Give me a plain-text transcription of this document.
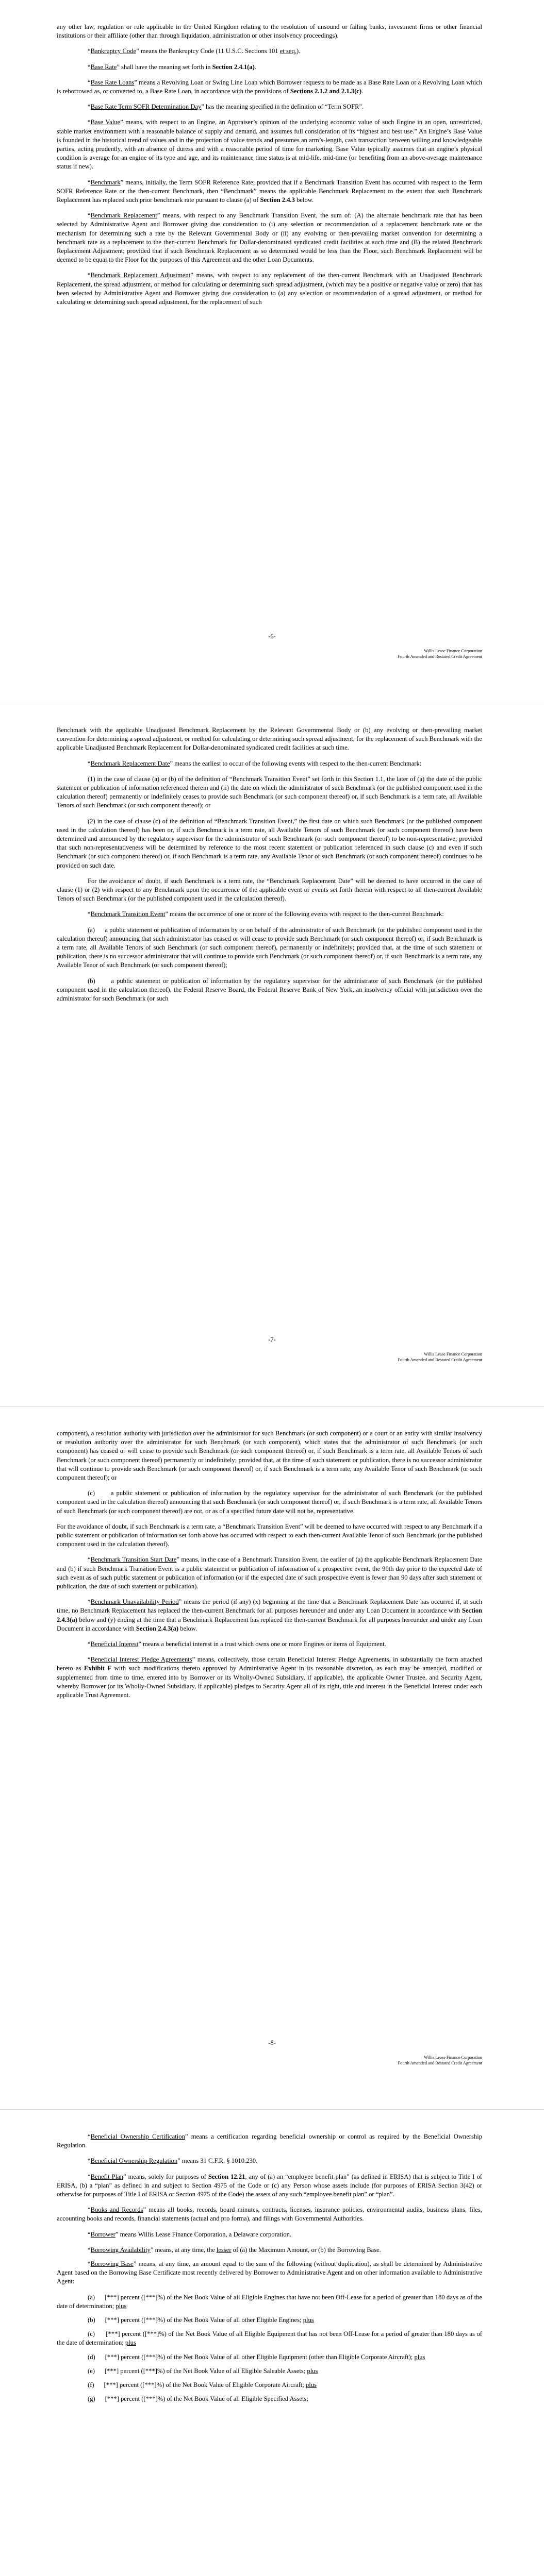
any other law, regulation or rule applicable in the United Kingdom relating to the resolution of unsound or failing banks, investment firms or other financial institutions or their affiliate (other than through liquidation, administration or other insolvency proceedings).

“Bankruptcy Code” means the Bankruptcy Code (11 U.S.C. Sections 101 et seq.).

“Base Rate” shall have the meaning set forth in Section 2.4.1(a).

“Base Rate Loans” means a Revolving Loan or Swing Line Loan which Borrower requests to be made as a Base Rate Loan or a Revolving Loan which is reborrowed as, or converted to, a Base Rate Loan, in accordance with the provisions of Sections 2.1.2 and 2.1.3(c).

“Base Rate Term SOFR Determination Day” has the meaning specified in the definition of “Term SOFR”.

“Base Value” means, with respect to an Engine, an Appraiser’s opinion of the underlying economic value of such Engine in an open, unrestricted, stable market environment with a reasonable balance of supply and demand, and assumes full consideration of its “highest and best use.” An Engine’s Base Value is founded in the historical trend of values and in the projection of value trends and presumes an arm’s-length, cash transaction between willing and knowledgeable parties, acting prudently, with an absence of duress and with a reasonable period of time for marketing. Base Value typically assumes that an engine’s physical condition is average for an engine of its type and age, and its maintenance time status is at mid-life, mid-time (or benefiting from an above-average maintenance status if new).

“Benchmark” means, initially, the Term SOFR Reference Rate; provided that if a Benchmark Transition Event has occurred with respect to the Term SOFR Reference Rate or the then-current Benchmark, then “Benchmark” means the applicable Benchmark Replacement to the extent that such Benchmark Replacement has replaced such prior benchmark rate pursuant to clause (a) of Section 2.4.3 below.

“Benchmark Replacement” means, with respect to any Benchmark Transition Event, the sum of: (A) the alternate benchmark rate that has been selected by Administrative Agent and Borrower giving due consideration to (i) any selection or recommendation of a replacement benchmark rate or the mechanism for determining such a rate by the Relevant Governmental Body or (ii) any evolving or then-prevailing market convention for determining a benchmark rate as a replacement to the then-current Benchmark for Dollar-denominated syndicated credit facilities at such time and (B) the related Benchmark Replacement Adjustment; provided that if such Benchmark Replacement as so determined would be less than the Floor, such Benchmark Replacement will be deemed to be equal to the Floor for the purposes of this Agreement and the other Loan Documents.

“Benchmark Replacement Adjustment” means, with respect to any replacement of the then-current Benchmark with an Unadjusted Benchmark Replacement, the spread adjustment, or method for calculating or determining such spread adjustment, (which may be a positive or negative value or zero) that has been selected by Administrative Agent and Borrower giving due consideration to (a) any selection or recommendation of a spread adjustment, or method for calculating or determining such spread adjustment, for the replacement of such

-6-
Willis Lease Finance Corporation
Fourth Amended and Restated Credit Agreement

Benchmark with the applicable Unadjusted Benchmark Replacement by the Relevant Governmental Body or (b) any evolving or then-prevailing market convention for determining a spread adjustment, or method for calculating or determining such spread adjustment, for the replacement of such Benchmark with the applicable Unadjusted Benchmark Replacement for Dollar-denominated syndicated credit facilities at such time.

“Benchmark Replacement Date” means the earliest to occur of the following events with respect to the then-current Benchmark:

(1) in the case of clause (a) or (b) of the definition of “Benchmark Transition Event” set forth in this Section 1.1, the later of (a) the date of the public statement or publication of information referenced therein and (ii) the date on which the administrator of such Benchmark (or the published component used in the calculation thereof) permanently or indefinitely ceases to provide such Benchmark (or such component thereof) or, if such Benchmark is a term rate, all Available Tenors of such Benchmark (or such component thereof); or

(2) in the case of clause (c) of the definition of “Benchmark Transition Event,” the first date on which such Benchmark (or the published component used in the calculation thereof) has been or, if such Benchmark is a term rate, all Available Tenors of such Benchmark (or such component thereof) have been determined and announced by the regulatory supervisor for the administrator of such Benchmark (or such component thereof) to be non-representative; provided that such non-representativeness will be determined by reference to the most recent statement or publication referenced in such clause (c) and even if such Benchmark (or such component thereof) or, if such Benchmark is a term rate, any Available Tenor of such Benchmark (or such component thereof) continues to be provided on such date.

For the avoidance of doubt, if such Benchmark is a term rate, the “Benchmark Replacement Date” will be deemed to have occurred in the case of clause (1) or (2) with respect to any Benchmark upon the occurrence of the applicable event or events set forth therein with respect to all then-current Available Tenors of such Benchmark (or the published component used in the calculation thereof).

“Benchmark Transition Event” means the occurrence of one or more of the following events with respect to the then-current Benchmark:

(a)      a public statement or publication of information by or on behalf of the administrator of such Benchmark (or the published component used in the calculation thereof) announcing that such administrator has ceased or will cease to provide such Benchmark (or such component thereof) or, if such Benchmark is a term rate, all Available Tenors of such Benchmark (or such component thereof), permanently or indefinitely; provided that, at the time of such statement or publication, there is no successor administrator that will continue to provide such Benchmark (or such component thereof) or, if such Benchmark is a term rate, any Available Tenor of such Benchmark (or such component thereof);

(b)      a public statement or publication of information by the regulatory supervisor for the administrator of such Benchmark (or the published component used in the calculation thereof), the Federal Reserve Board, the Federal Reserve Bank of New York, an insolvency official with jurisdiction over the administrator for such Benchmark (or such

-7-
Willis Lease Finance Corporation
Fourth Amended and Restated Credit Agreement

component), a resolution authority with jurisdiction over the administrator for such Benchmark (or such component) or a court or an entity with similar insolvency or resolution authority over the administrator for such Benchmark (or such component), which states that the administrator of such Benchmark (or such component) has ceased or will cease to provide such Benchmark (or such component thereof) or, if such Benchmark is a term rate, all Available Tenors of such Benchmark (or such component thereof) permanently or indefinitely; provided that, at the time of such statement or publication, there is no successor administrator that will continue to provide such Benchmark (or such component thereof) or, if such Benchmark is a term rate, any Available Tenor of such Benchmark (or such component thereof); or

(c)      a public statement or publication of information by the regulatory supervisor for the administrator of such Benchmark (or the published component used in the calculation thereof) announcing that such Benchmark (or such component thereof) or, if such Benchmark is a term rate, all Available Tenors of such Benchmark (or such component thereof) are not, or as of a specified future date will not be, representative.

For the avoidance of doubt, if such Benchmark is a term rate, a “Benchmark Transition Event” will be deemed to have occurred with respect to any Benchmark if a public statement or publication of information set forth above has occurred with respect to each then-current Available Tenor of such Benchmark (or the published component used in the calculation thereof).

“Benchmark Transition Start Date” means, in the case of a Benchmark Transition Event, the earlier of (a) the applicable Benchmark Replacement Date and (b) if such Benchmark Transition Event is a public statement or publication of information of a prospective event, the 90th day prior to the expected date of such event as of such public statement or publication of information (or if the expected date of such prospective event is fewer than 90 days after such statement or publication, the date of such statement or publication).

“Benchmark Unavailability Period” means the period (if any) (x) beginning at the time that a Benchmark Replacement Date has occurred if, at such time, no Benchmark Replacement has replaced the then-current Benchmark for all purposes hereunder and under any Loan Document in accordance with Section 2.4.3(a) below and (y) ending at the time that a Benchmark Replacement has replaced the then-current Benchmark for all purposes hereunder and under any Loan Document in accordance with Section 2.4.3(a) below.

“Beneficial Interest” means a beneficial interest in a trust which owns one or more Engines or items of Equipment.

“Beneficial Interest Pledge Agreements” means, collectively, those certain Beneficial Interest Pledge Agreements, in substantially the form attached hereto as Exhibit F with such modifications thereto approved by Administrative Agent in its reasonable discretion, as each may be amended, modified or supplemented from time to time, entered into by Borrower or its Wholly-Owned Subsidiary, if applicable), the applicable Owner Trustee, and Security Agent, whereby Borrower (or its Wholly-Owned Subsidiary, if applicable) pledges to Security Agent all of its right, title and interest in the Beneficial Interest under each applicable Trust Agreement.

-8-
Willis Lease Finance Corporation
Fourth Amended and Restated Credit Agreement

“Beneficial Ownership Certification” means a certification regarding beneficial ownership or control as required by the Beneficial Ownership Regulation.

“Beneficial Ownership Regulation” means 31 C.F.R. § 1010.230.

“Benefit Plan” means, solely for purposes of Section 12.21, any of (a) an “employee benefit plan” (as defined in ERISA) that is subject to Title I of ERISA, (b) a “plan” as defined in and subject to Section 4975 of the Code or (c) any Person whose assets include (for purposes of ERISA Section 3(42) or otherwise for purposes of Title I of ERISA or Section 4975 of the Code) the assets of any such “employee benefit plan” or “plan”.

“Books and Records” means all books, records, board minutes, contracts, licenses, insurance policies, environmental audits, business plans, files, accounting books and records, financial statements (actual and pro forma), and filings with Governmental Authorities.

“Borrower” means Willis Lease Finance Corporation, a Delaware corporation.

“Borrowing Availability” means, at any time, the lesser of (a) the Maximum Amount, or (b) the Borrowing Base.

“Borrowing Base” means, at any time, an amount equal to the sum of the following (without duplication), as shall be determined by Administrative Agent based on the Borrowing Base Certificate most recently delivered by Borrower to Administrative Agent and on other information available to Administrative Agent:

(a)      [***] percent ([***]%) of the Net Book Value of all Eligible Engines that have not been Off-Lease for a period of greater than 180 days as of the date of determination; plus

(b)      [***] percent ([***]%) of the Net Book Value of all other Eligible Engines; plus

(c)      [***] percent ([***]%) of the Net Book Value of all Eligible Equipment that has not been Off-Lease for a period of greater than 180 days as of the date of determination; plus

(d)      [***] percent ([***]%) of the Net Book Value of all other Eligible Equipment (other than Eligible Corporate Aircraft); plus

(e)      [***] percent ([***]%) of the Net Book Value of all Eligible Saleable Assets; plus

(f)      [***] percent ([***]%) of the Net Book Value of Eligible Corporate Aircraft; plus

(g)      [***] percent ([***]%) of the Net Book Value of all Eligible Specified Assets;
